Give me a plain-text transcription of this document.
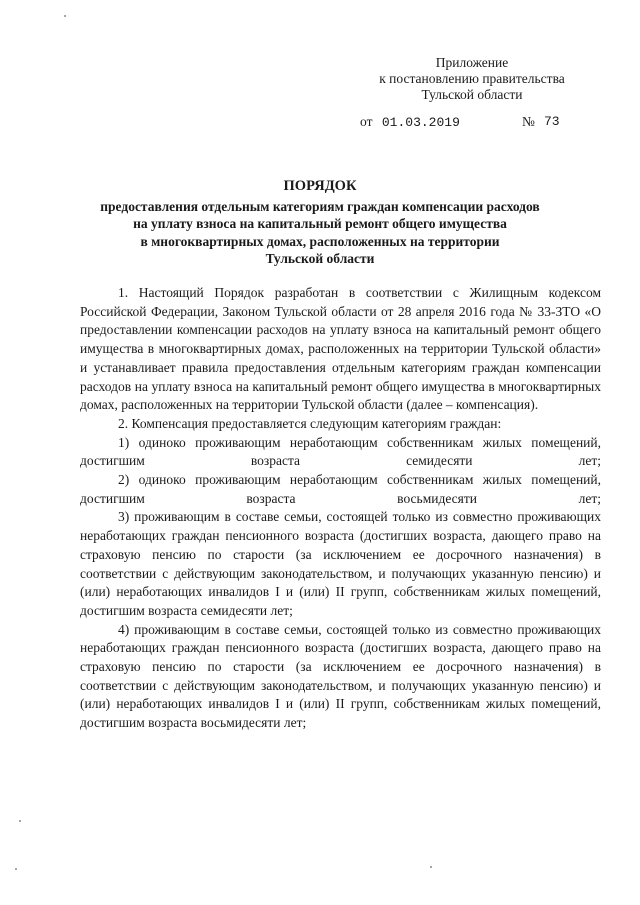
Приложение
к постановлению правительства
Тульской области
от 01.03.2019	№ 73
ПОРЯДОК
предоставления отдельным категориям граждан компенсации расходов
на уплату взноса на капитальный ремонт общего имущества
в многоквартирных домах, расположенных на территории
Тульской области

1. Настоящий Порядок разработан в соответствии с Жилищным кодексом Российской Федерации, Законом Тульской области от 28 апреля 2016 года № 33-ЗТО «О предоставлении компенсации расходов на уплату взноса на капитальный ремонт общего имущества в многоквартирных домах, расположенных на территории Тульской области» и устанавливает правила предоставления отдельным категориям граждан компенсации расходов на уплату взноса на капитальный ремонт общего имущества в многоквартирных домах, расположенных на территории Тульской области (далее – компенсация).

2. Компенсация предоставляется следующим категориям граждан:

1) одиноко проживающим неработающим собственникам жилых помещений, достигшим возраста семидесяти лет;

2) одиноко проживающим неработающим собственникам жилых помещений, достигшим возраста восьмидесяти лет;

3) проживающим в составе семьи, состоящей только из совместно проживающих неработающих граждан пенсионного возраста (достигших возраста, дающего право на страховую пенсию по старости (за исключением ее досрочного назначения) в соответствии с действующим законодательством, и получающих указанную пенсию) и (или) неработающих инвалидов I и (или) II групп, собственникам жилых помещений, достигшим возраста семидесяти лет;

4) проживающим в составе семьи, состоящей только из совместно проживающих неработающих граждан пенсионного возраста (достигших возраста, дающего право на страховую пенсию по старости (за исключением ее досрочного назначения) в соответствии с действующим законодательством, и получающих указанную пенсию) и (или) неработающих инвалидов I и (или) II групп, собственникам жилых помещений, достигшим возраста восьмидесяти лет;
